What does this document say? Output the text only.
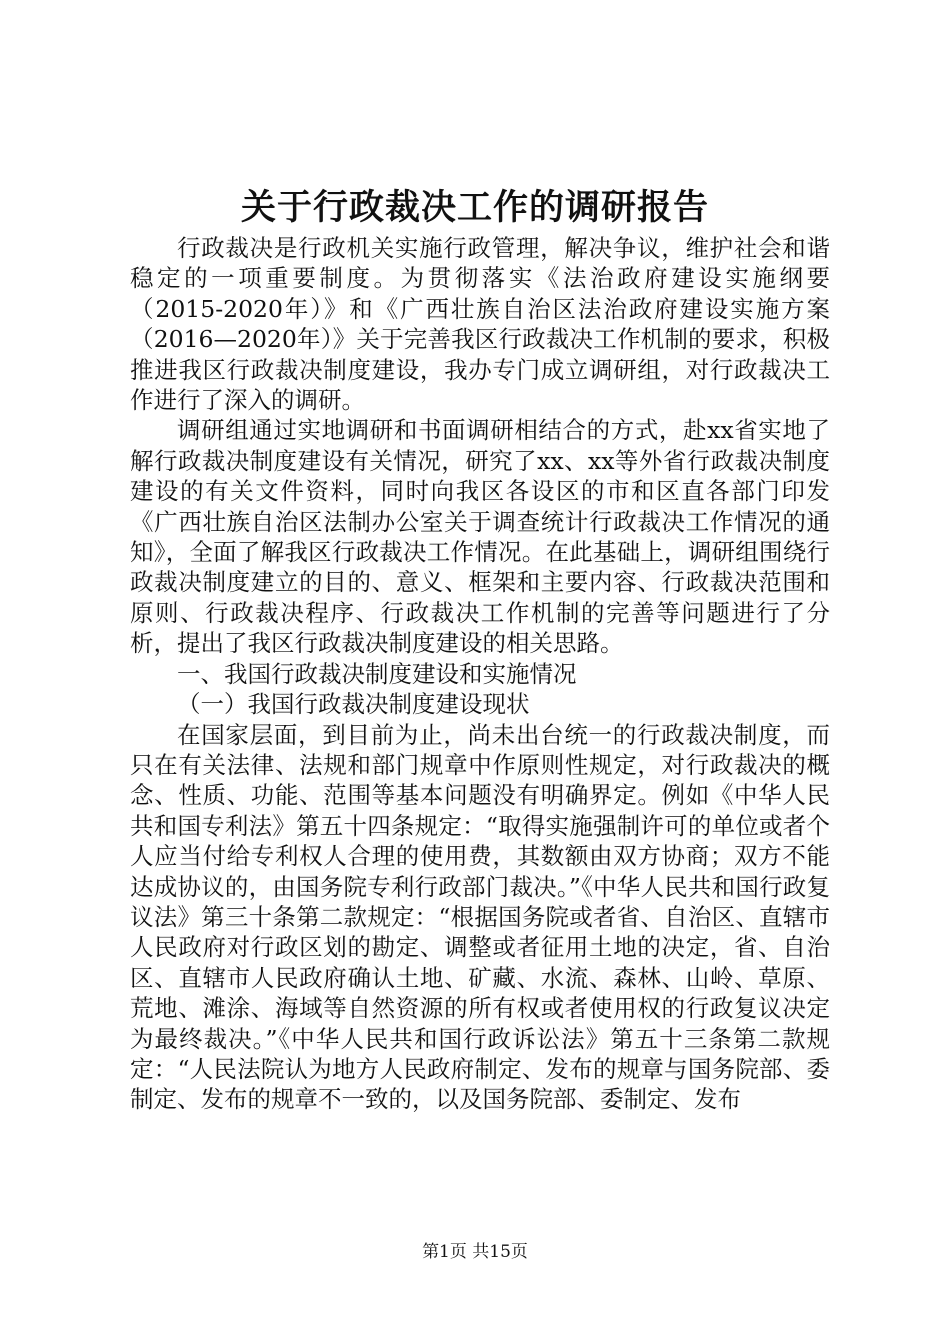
关于行政裁决工作的调研报告

行政裁决是行政机关实施行政管理，解决争议，维护社会和谐稳定的一项重要制度。为贯彻落实《法治政府建设实施纲要（2015-2020年）》和《广西壮族自治区法治政府建设实施方案（2016—2020年）》关于完善我区行政裁决工作机制的要求，积极推进我区行政裁决制度建设，我办专门成立调研组，对行政裁决工作进行了深入的调研。

调研组通过实地调研和书面调研相结合的方式，赴xx省实地了解行政裁决制度建设有关情况，研究了xx、xx等外省行政裁决制度建设的有关文件资料，同时向我区各设区的市和区直各部门印发《广西壮族自治区法制办公室关于调查统计行政裁决工作情况的通知》，全面了解我区行政裁决工作情况。在此基础上，调研组围绕行政裁决制度建立的目的、意义、框架和主要内容、行政裁决范围和原则、行政裁决程序、行政裁决工作机制的完善等问题进行了分析，提出了我区行政裁决制度建设的相关思路。

一、我国行政裁决制度建设和实施情况

（一）我国行政裁决制度建设现状

在国家层面，到目前为止，尚未出台统一的行政裁决制度，而只在有关法律、法规和部门规章中作原则性规定，对行政裁决的概念、性质、功能、范围等基本问题没有明确界定。例如《中华人民共和国专利法》第五十四条规定：“取得实施强制许可的单位或者个人应当付给专利权人合理的使用费，其数额由双方协商；双方不能达成协议的，由国务院专利行政部门裁决。”《中华人民共和国行政复议法》第三十条第二款规定：“根据国务院或者省、自治区、直辖市人民政府对行政区划的勘定、调整或者征用土地的决定，省、自治区、直辖市人民政府确认土地、矿藏、水流、森林、山岭、草原、荒地、滩涂、海域等自然资源的所有权或者使用权的行政复议决定为最终裁决。”《中华人民共和国行政诉讼法》第五十三条第二款规定：“人民法院认为地方人民政府制定、发布的规章与国务院部、委制定、发布的规章不一致的，以及国务院部、委制定、发布

第1页 共15页
